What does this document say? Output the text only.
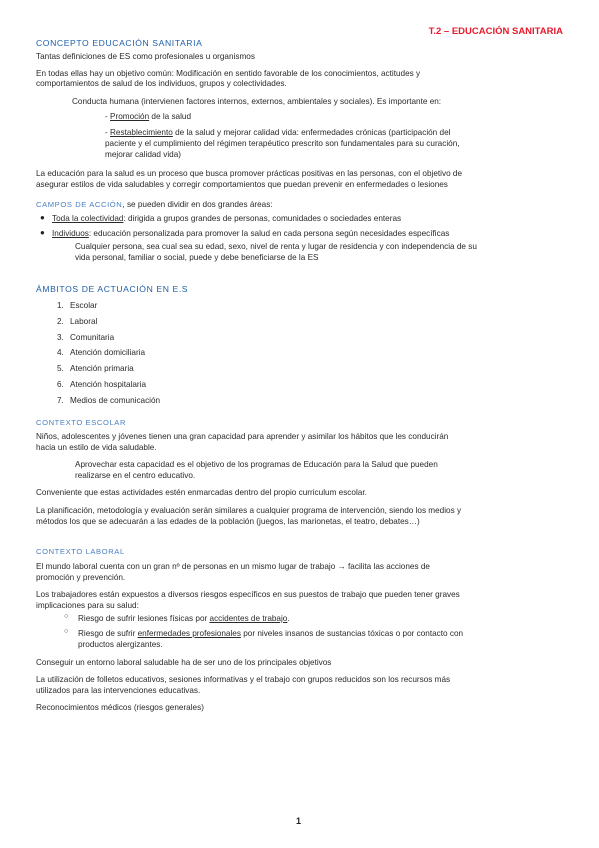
T.2 – EDUCACIÓN SANITARIA
CONCEPTO EDUCACIÓN SANITARIA
Tantas definiciones de ES como profesionales u organismos
En todas ellas hay un objetivo común: Modificación en sentido favorable de los conocimientos, actitudes y
comportamientos de salud de los individuos, grupos y colectividades.
Conducta humana (intervienen factores internos, externos, ambientales y sociales). Es importante en:
- Promoción de la salud
- Restablecimiento de la salud y mejorar calidad vida: enfermedades crónicas (participación del
paciente y el cumplimiento del régimen terapéutico prescrito son fundamentales para su curación,
mejorar calidad vida)
La educación para la salud es un proceso que busca promover prácticas positivas en las personas, con el objetivo de
asegurar estilos de vida saludables y corregir comportamientos que puedan prevenir en enfermedades o lesiones
CAMPOS DE ACCIÓN, se pueden dividir en dos grandes áreas:
● Toda la colectividad: dirigida a grupos grandes de personas, comunidades o sociedades enteras
● Individuos: educación personalizada para promover la salud en cada persona según necesidades específicas
Cualquier persona, sea cual sea su edad, sexo, nivel de renta y lugar de residencia y con independencia de su
vida personal, familiar o social, puede y debe beneficiarse de la ES
ÁMBITOS DE ACTUACIÓN EN E.S
1. Escolar
2. Laboral
3. Comunitaria
4. Atención domiciliaria
5. Atención primaria
6. Atención hospitalaria
7. Medios de comunicación
CONTEXTO ESCOLAR
Niños, adolescentes y jóvenes tienen una gran capacidad para aprender y asimilar los hábitos que les conducirán
hacia un estilo de vida saludable.
Aprovechar esta capacidad es el objetivo de los programas de Educación para la Salud que pueden
realizarse en el centro educativo.
Conveniente que estas actividades estén enmarcadas dentro del propio curriculum escolar.
La planificación, metodología y evaluación serán similares a cualquier programa de intervención, siendo los medios y
métodos los que se adecuarán a las edades de la población (juegos, las marionetas, el teatro, debates…)
CONTEXTO LABORAL
El mundo laboral cuenta con un gran nº de personas en un mismo lugar de trabajo → facilita las acciones de
promoción y prevención.
Los trabajadores están expuestos a diversos riesgos específicos en sus puestos de trabajo que pueden tener graves
implicaciones para su salud:
○ Riesgo de sufrir lesiones físicas por accidentes de trabajo.
○ Riesgo de sufrir enfermedades profesionales por niveles insanos de sustancias tóxicas o por contacto con
productos alergizantes.
Conseguir un entorno laboral saludable ha de ser uno de los principales objetivos
La utilización de folletos educativos, sesiones informativas y el trabajo con grupos reducidos son los recursos más
utilizados para las intervenciones educativas.
Reconocimientos médicos (riesgos generales)
1
